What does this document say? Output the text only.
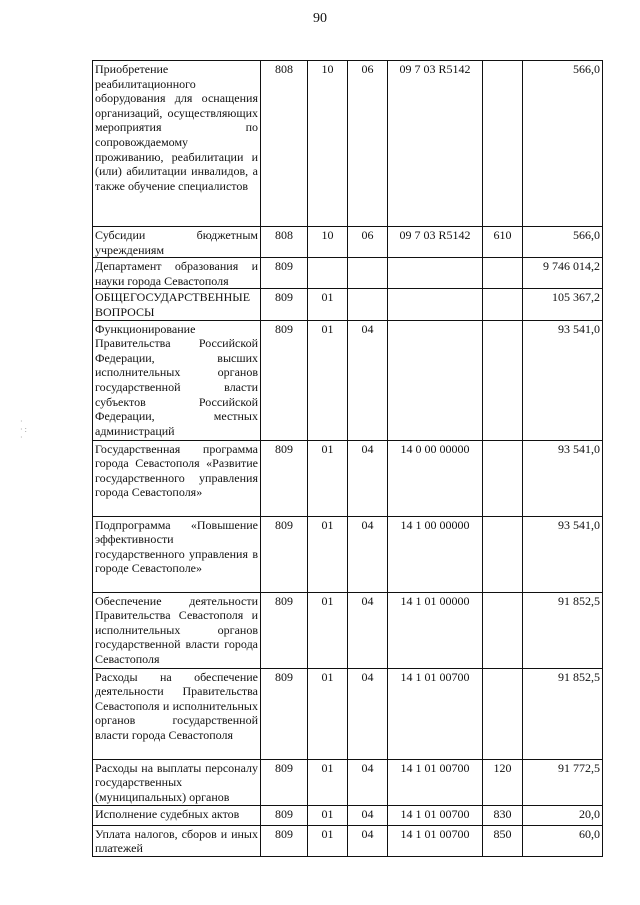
90
·
· :
·
Приобретение реабилитационного оборудования для оснащения организаций, осуществляющих мероприятия по сопровождаемому проживанию, реабилитации и (или) абилитации инвалидов, а также обучение специалистов	808	10	06	09 7 03 R5142		566,0
Субсидии бюджетным учреждениям	808	10	06	09 7 03 R5142	610	566,0
Департамент образования и науки города Севастополя	809					9 746 014,2
ОБЩЕГОСУДАРСТВЕННЫЕ ВОПРОСЫ	809	01				105 367,2
Функционирование Правительства Российской Федерации, высших исполнительных органов государственной власти субъектов Российской Федерации, местных администраций	809	01	04			93 541,0
Государственная программа города Севастополя «Развитие государственного управления города Севастополя»	809	01	04	14 0 00 00000		93 541,0
Подпрограмма «Повышение эффективности государственного управления в городе Севастополе»	809	01	04	14 1 00 00000		93 541,0
Обеспечение деятельности Правительства Севастополя и исполнительных органов государственной власти города Севастополя	809	01	04	14 1 01 00000		91 852,5
Расходы на обеспечение деятельности Правительства Севастополя и исполнительных органов государственной власти города Севастополя	809	01	04	14 1 01 00700		91 852,5
Расходы на выплаты персоналу государственных (муниципальных) органов	809	01	04	14 1 01 00700	120	91 772,5
Исполнение судебных актов	809	01	04	14 1 01 00700	830	20,0
Уплата налогов, сборов и иных платежей	809	01	04	14 1 01 00700	850	60,0
